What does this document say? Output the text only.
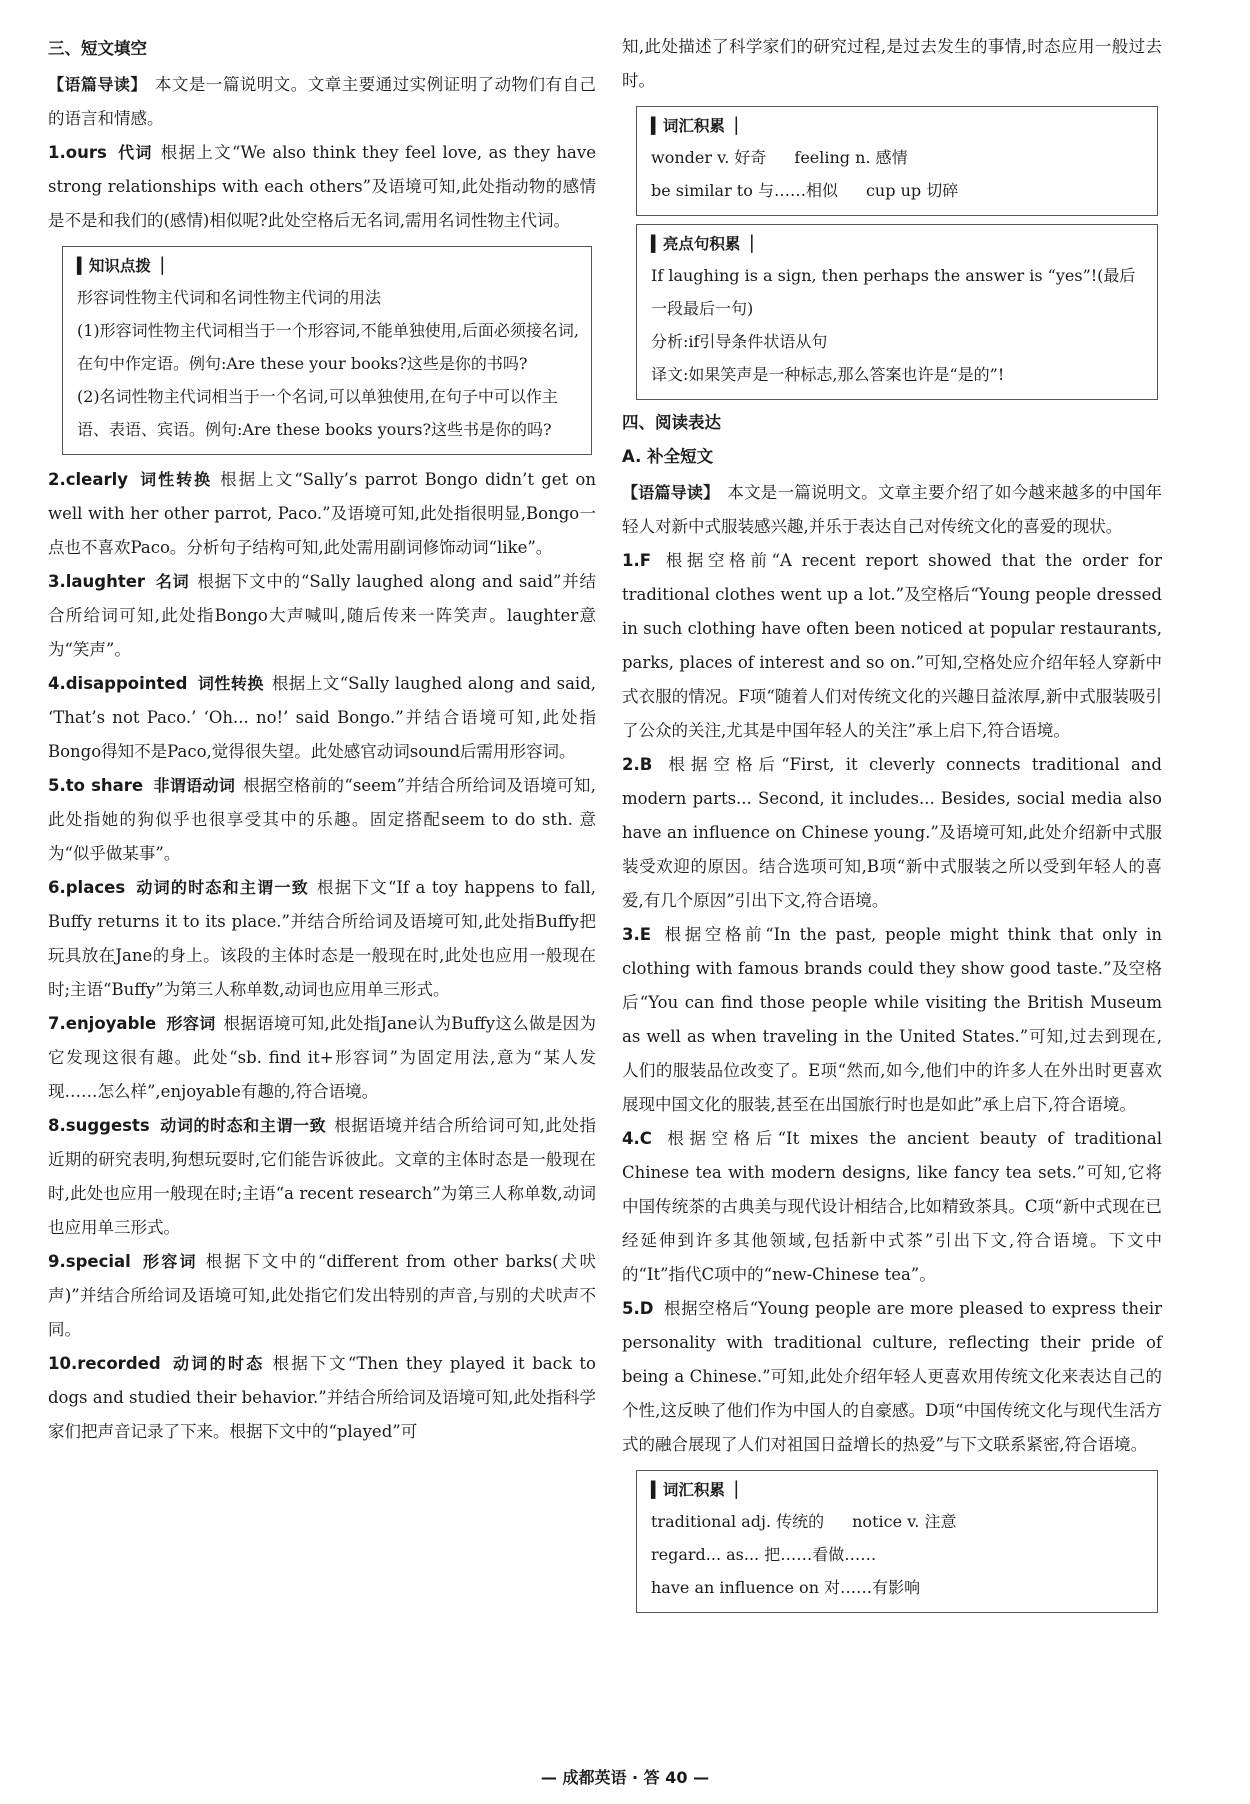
三、短文填空

【语篇导读】 本文是一篇说明文。文章主要通过实例证明了动物们有自己的语言和情感。

1.ours 代词 根据上文“We also think they feel love, as they have strong relationships with each others”及语境可知,此处指动物的感情是不是和我们的(感情)相似呢?此处空格后无名词,需用名词性物主代词。

▍知识点拨▕

形容词性物主代词和名词性物主代词的用法

(1)形容词性物主代词相当于一个形容词,不能单独使用,后面必须接名词,在句中作定语。例句:Are these your books?这些是你的书吗?

(2)名词性物主代词相当于一个名词,可以单独使用,在句子中可以作主语、表语、宾语。例句:Are these books yours?这些书是你的吗?

2.clearly 词性转换 根据上文“Sally’s parrot Bongo didn’t get on well with her other parrot, Paco.”及语境可知,此处指很明显,Bongo一点也不喜欢Paco。分析句子结构可知,此处需用副词修饰动词“like”。

3.laughter 名词 根据下文中的“Sally laughed along and said”并结合所给词可知,此处指Bongo大声喊叫,随后传来一阵笑声。laughter意为“笑声”。

4.disappointed 词性转换 根据上文“Sally laughed along and said, ‘That’s not Paco.’ ‘Oh... no!’ said Bongo.”并结合语境可知,此处指Bongo得知不是Paco,觉得很失望。此处感官动词sound后需用形容词。

5.to share 非谓语动词 根据空格前的“seem”并结合所给词及语境可知,此处指她的狗似乎也很享受其中的乐趣。固定搭配seem to do sth. 意为“似乎做某事”。

6.places 动词的时态和主谓一致 根据下文“If a toy happens to fall, Buffy returns it to its place.”并结合所给词及语境可知,此处指Buffy把玩具放在Jane的身上。该段的主体时态是一般现在时,此处也应用一般现在时;主语“Buffy”为第三人称单数,动词也应用单三形式。

7.enjoyable 形容词 根据语境可知,此处指Jane认为Buffy这么做是因为它发现这很有趣。此处“sb. find it+形容词”为固定用法,意为“某人发现……怎么样”,enjoyable有趣的,符合语境。

8.suggests 动词的时态和主谓一致 根据语境并结合所给词可知,此处指近期的研究表明,狗想玩耍时,它们能告诉彼此。文章的主体时态是一般现在时,此处也应用一般现在时;主语“a recent research”为第三人称单数,动词也应用单三形式。

9.special 形容词 根据下文中的“different from other barks(犬吠声)”并结合所给词及语境可知,此处指它们发出特别的声音,与别的犬吠声不同。

10.recorded 动词的时态 根据下文“Then they played it back to dogs and studied their behavior.”并结合所给词及语境可知,此处指科学家们把声音记录了下来。根据下文中的“played”可

知,此处描述了科学家们的研究过程,是过去发生的事情,时态应用一般过去时。

▍词汇积累▕
wonder v. 好奇 feeling n. 感情
be similar to 与……相似 cup up 切碎
▍亮点句积累▕

If laughing is a sign, then perhaps the answer is “yes”!(最后一段最后一句)

分析:if引导条件状语从句

译文:如果笑声是一种标志,那么答案也许是“是的”!

四、阅读表达
A. 补全短文

【语篇导读】 本文是一篇说明文。文章主要介绍了如今越来越多的中国年轻人对新中式服装感兴趣,并乐于表达自己对传统文化的喜爱的现状。

1.F 根据空格前“A recent report showed that the order for traditional clothes went up a lot.”及空格后“Young people dressed in such clothing have often been noticed at popular restaurants, parks, places of interest and so on.”可知,空格处应介绍年轻人穿新中式衣服的情况。F项“随着人们对传统文化的兴趣日益浓厚,新中式服装吸引了公众的关注,尤其是中国年轻人的关注”承上启下,符合语境。

2.B 根据空格后“First, it cleverly connects traditional and modern parts... Second, it includes... Besides, social media also have an influence on Chinese young.”及语境可知,此处介绍新中式服装受欢迎的原因。结合选项可知,B项“新中式服装之所以受到年轻人的喜爱,有几个原因”引出下文,符合语境。

3.E 根据空格前“In the past, people might think that only in clothing with famous brands could they show good taste.”及空格后“You can find those people while visiting the British Museum as well as when traveling in the United States.”可知,过去到现在,人们的服装品位改变了。E项“然而,如今,他们中的许多人在外出时更喜欢展现中国文化的服装,甚至在出国旅行时也是如此”承上启下,符合语境。

4.C 根据空格后“It mixes the ancient beauty of traditional Chinese tea with modern designs, like fancy tea sets.”可知,它将中国传统茶的古典美与现代设计相结合,比如精致茶具。C项“新中式现在已经延伸到许多其他领域,包括新中式茶”引出下文,符合语境。下文中的“It”指代C项中的“new-Chinese tea”。

5.D 根据空格后“Young people are more pleased to express their personality with traditional culture, reflecting their pride of being a Chinese.”可知,此处介绍年轻人更喜欢用传统文化来表达自己的个性,这反映了他们作为中国人的自豪感。D项“中国传统文化与现代生活方式的融合展现了人们对祖国日益增长的热爱”与下文联系紧密,符合语境。

▍词汇积累▕
traditional adj. 传统的 notice v. 注意
regard... as... 把……看做……
have an influence on 对……有影响
— 成都英语 · 答 40 —
